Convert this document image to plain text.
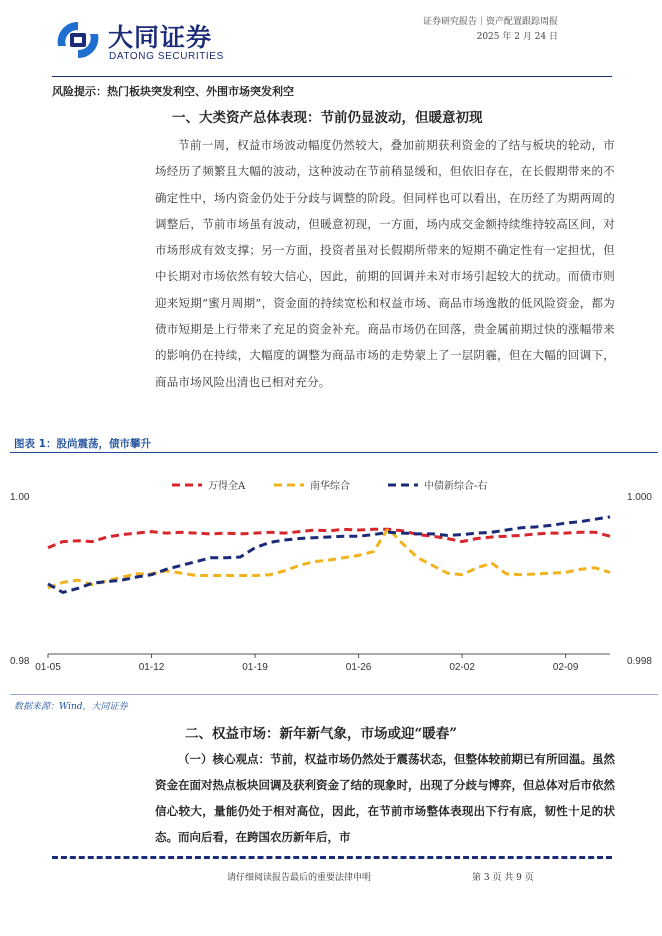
大同证券
DATONG SECURITIES
证券研究报告｜资产配置跟踪周报
2025 年 2 月 24 日
风险提示：热门板块突发利空、外围市场突发利空
一、大类资产总体表现：节前仍显波动，但暖意初现
节前一周，权益市场波动幅度仍然较大，叠加前期获利资金的了结与板块的轮动，市场经历了频繁且大幅的波动，这种波动在节前稍显缓和，但依旧存在，在长假期带来的不确定性中，场内资金仍处于分歧与调整的阶段。但同样也可以看出，在历经了为期两周的调整后，节前市场虽有波动，但暖意初现，一方面，场内成交金额持续维持较高区间，对市场形成有效支撑；另一方面，投资者虽对长假期所带来的短期不确定性有一定担忧，但中长期对市场依然有较大信心，因此，前期的回调并未对市场引起较大的扰动。而债市则迎来短期“蜜月周期”，资金面的持续宽松和权益市场、商品市场逸散的低风险资金，都为债市短期是上行带来了充足的资金补充。商品市场仍在回落，贵金属前期过快的涨幅带来的影响仍在持续，大幅度的调整为商品市场的走势蒙上了一层阴霾，但在大幅的回调下，商品市场风险出清也已相对充分。
图表 1：股尚震荡，债市攀升
万得全A	南华综合	中债新综合-右
01-05	01-12	01-19	01-26	02-02	02-09
1.00
0.98
1.000
0.998
数据来源：Wind，大同证券
二、权益市场：新年新气象，市场或迎“暖春”
（一）核心观点：节前，权益市场仍然处于震荡状态，但整体较前期已有所回温。虽然资金在面对热点板块回调及获利资金了结的现象时，出现了分歧与博弈，但总体对后市依然信心较大，量能仍处于相对高位，因此，在节前市场整体表现出下行有底，韧性十足的状态。而向后看，在跨国农历新年后，市
请仔细阅读报告最后的重要法律申明	第 3 页 共 9 页
